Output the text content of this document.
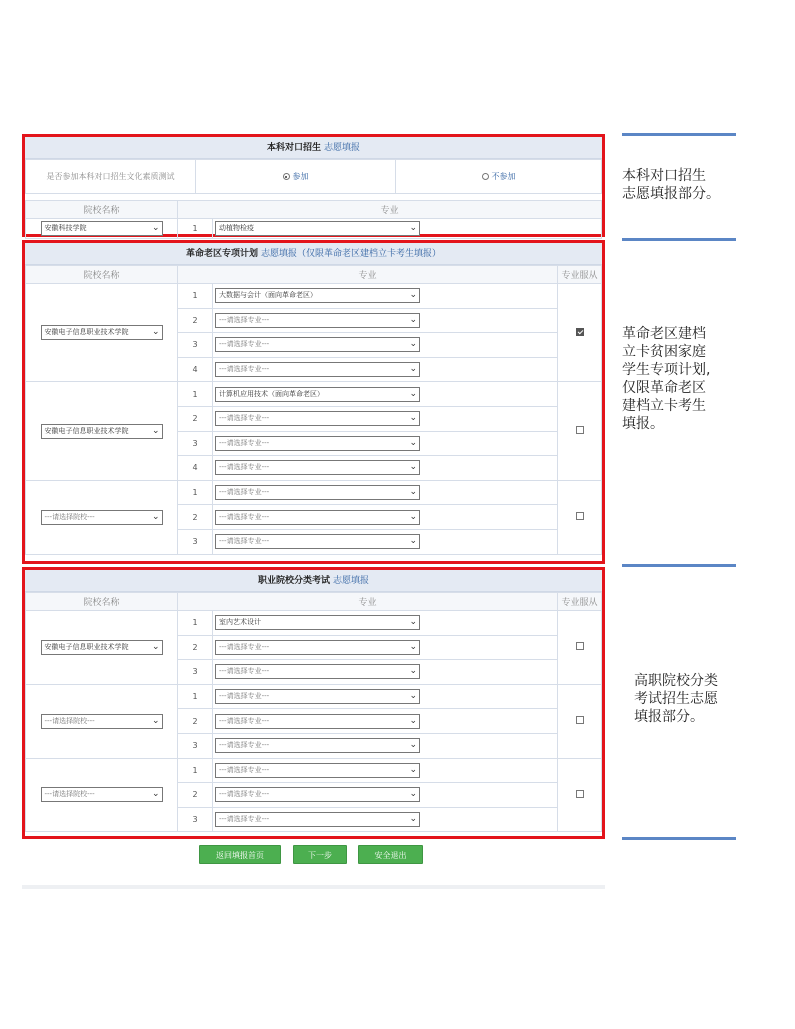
本科对口招生 志愿填报
是否参加本科对口招生文化素质测试	参加	不参加
院校名称	专业	
安徽科技学院 ⌄	1	动植物检疫 ⌄
革命老区专项计划 志愿填报（仅限革命老区建档立卡考生填报）
院校名称	专业		专业服从
安徽电子信息职业技术学院 ⌄	1	大数据与会计（面向革命老区） ⌄	

	2	---请选择专业--- ⌄	

	3	---请选择专业--- ⌄	

	4	---请选择专业--- ⌄	

安徽电子信息职业技术学院 ⌄	1	计算机应用技术（面向革命老区） ⌄	

	2	---请选择专业--- ⌄	

	3	---请选择专业--- ⌄	

	4	---请选择专业--- ⌄	

---请选择院校--- ⌄	1	---请选择专业--- ⌄	

	2	---请选择专业--- ⌄	

	3	---请选择专业--- ⌄	
职业院校分类考试 志愿填报
院校名称	专业		专业服从
安徽电子信息职业技术学院 ⌄	1	室内艺术设计 ⌄	

	2	---请选择专业--- ⌄	

	3	---请选择专业--- ⌄	

---请选择院校--- ⌄	1	---请选择专业--- ⌄	

	2	---请选择专业--- ⌄	

	3	---请选择专业--- ⌄	

---请选择院校--- ⌄	1	---请选择专业--- ⌄	

	2	---请选择专业--- ⌄	

	3	---请选择专业--- ⌄	
返回填报首页	下一步	安全退出
本科对口招生
志愿填报部分。
革命老区建档
立卡贫困家庭
学生专项计划,
仅限革命老区
建档立卡考生
填报。
高职院校分类
考试招生志愿
填报部分。
